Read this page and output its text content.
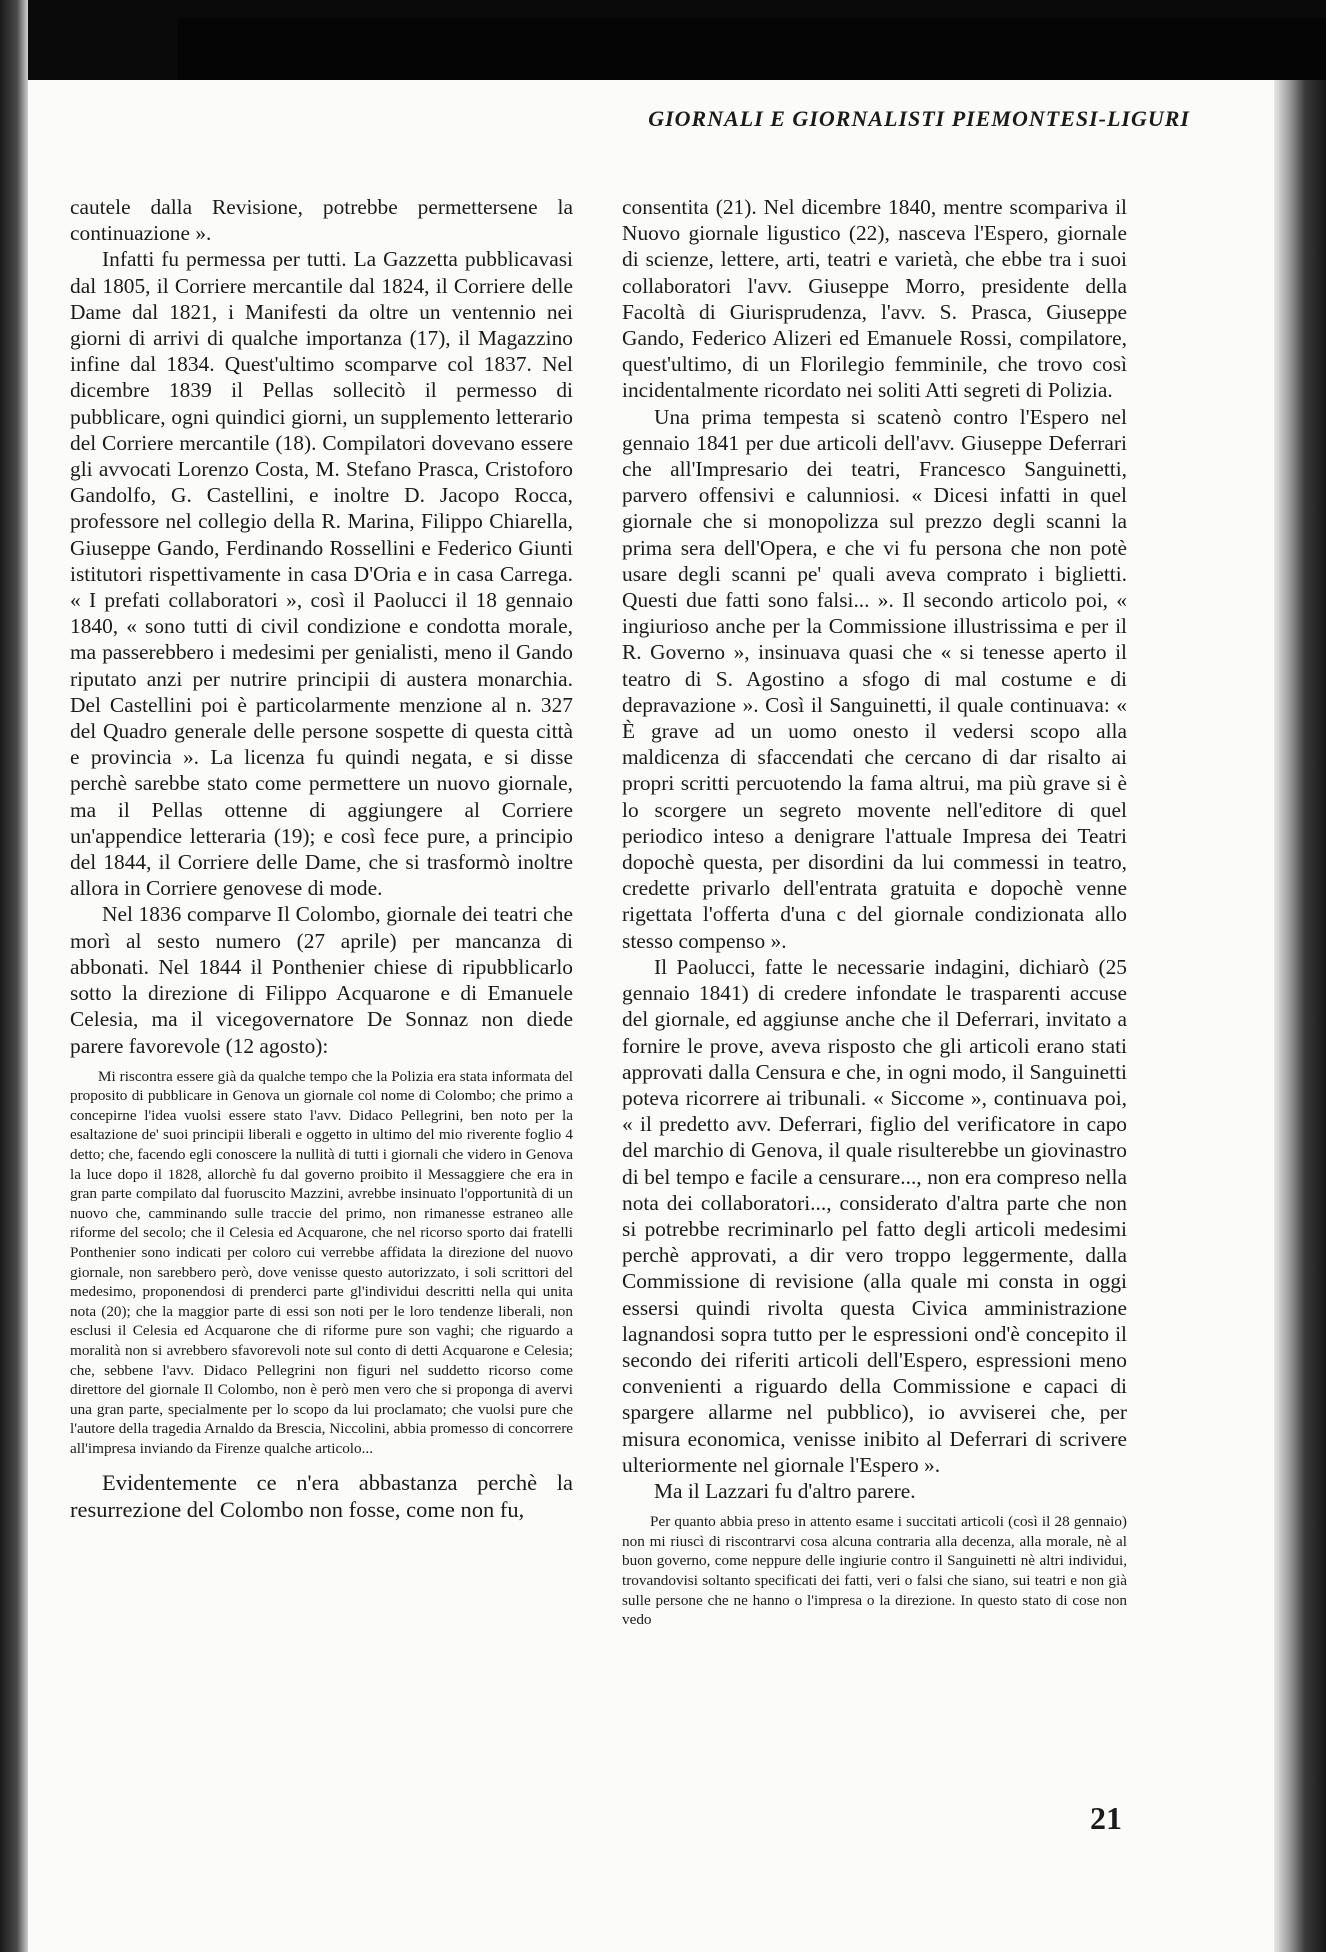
GIORNALI E GIORNALISTI PIEMONTESI-LIGURI

cautele dalla Revisione, potrebbe permettersene la continuazione ».

Infatti fu permessa per tutti. La Gazzetta pubblicavasi dal 1805, il Corriere mercantile dal 1824, il Corriere delle Dame dal 1821, i Manifesti da oltre un ventennio nei giorni di arrivi di qualche importanza (17), il Magazzino infine dal 1834. Quest'ultimo scomparve col 1837. Nel dicembre 1839 il Pellas sollecitò il permesso di pubblicare, ogni quindici giorni, un supplemento letterario del Corriere mercantile (18). Compilatori dovevano essere gli avvocati Lorenzo Costa, M. Stefano Prasca, Cristoforo Gandolfo, G. Castellini, e inoltre D. Jacopo Rocca, professore nel collegio della R. Marina, Filippo Chiarella, Giuseppe Gando, Ferdinando Rossellini e Federico Giunti istitutori rispettivamente in casa D'Oria e in casa Carrega. « I prefati collaboratori », così il Paolucci il 18 gennaio 1840, « sono tutti di civil condizione e condotta morale, ma passerebbero i medesimi per genialisti, meno il Gando riputato anzi per nutrire principii di austera monarchia. Del Castellini poi è particolarmente menzione al n. 327 del Quadro generale delle persone sospette di questa città e provincia ». La licenza fu quindi negata, e si disse perchè sarebbe stato come permettere un nuovo giornale, ma il Pellas ottenne di aggiungere al Corriere un'appendice letteraria (19); e così fece pure, a principio del 1844, il Corriere delle Dame, che si trasformò inoltre allora in Corriere genovese di mode.

Nel 1836 comparve Il Colombo, giornale dei teatri che morì al sesto numero (27 aprile) per mancanza di abbonati. Nel 1844 il Ponthenier chiese di ripubblicarlo sotto la direzione di Filippo Acquarone e di Emanuele Celesia, ma il vicegovernatore De Sonnaz non diede parere favorevole (12 agosto):

Mi riscontra essere già da qualche tempo che la Polizia era stata informata del proposito di pubblicare in Genova un giornale col nome di Colombo; che primo a concepirne l'idea vuolsi essere stato l'avv. Didaco Pellegrini, ben noto per la esaltazione de' suoi principii liberali e oggetto in ultimo del mio riverente foglio 4 detto; che, facendo egli conoscere la nullità di tutti i giornali che videro in Genova la luce dopo il 1828, allorchè fu dal governo proibito il Messaggiere che era in gran parte compilato dal fuoruscito Mazzini, avrebbe insinuato l'opportunità di un nuovo che, camminando sulle traccie del primo, non rimanesse estraneo alle riforme del secolo; che il Celesia ed Acquarone, che nel ricorso sporto dai fratelli Ponthenier sono indicati per coloro cui verrebbe affidata la direzione del nuovo giornale, non sarebbero però, dove venisse questo autorizzato, i soli scrittori del medesimo, proponendosi di prenderci parte gl'individui descritti nella qui unita nota (20); che la maggior parte di essi son noti per le loro tendenze liberali, non esclusi il Celesia ed Acquarone che di riforme pure son vaghi; che riguardo a moralità non si avrebbero sfavorevoli note sul conto di detti Acquarone e Celesia; che, sebbene l'avv. Didaco Pellegrini non figuri nel suddetto ricorso come direttore del giornale Il Colombo, non è però men vero che si proponga di avervi una gran parte, specialmente per lo scopo da lui proclamato; che vuolsi pure che l'autore della tragedia Arnaldo da Brescia, Niccolini, abbia promesso di concorrere all'impresa inviando da Firenze qualche articolo...

Evidentemente ce n'era abbastanza perchè la resurrezione del Colombo non fosse, come non fu,

consentita (21). Nel dicembre 1840, mentre scompariva il Nuovo giornale ligustico (22), nasceva l'Espero, giornale di scienze, lettere, arti, teatri e varietà, che ebbe tra i suoi collaboratori l'avv. Giuseppe Morro, presidente della Facoltà di Giurisprudenza, l'avv. S. Prasca, Giuseppe Gando, Federico Alizeri ed Emanuele Rossi, compilatore, quest'ultimo, di un Florilegio femminile, che trovo così incidentalmente ricordato nei soliti Atti segreti di Polizia.

Una prima tempesta si scatenò contro l'Espero nel gennaio 1841 per due articoli dell'avv. Giuseppe Deferrari che all'Impresario dei teatri, Francesco Sanguinetti, parvero offensivi e calunniosi. « Dicesi infatti in quel giornale che si monopolizza sul prezzo degli scanni la prima sera dell'Opera, e che vi fu persona che non potè usare degli scanni pe' quali aveva comprato i biglietti. Questi due fatti sono falsi... ». Il secondo articolo poi, « ingiurioso anche per la Commissione illustrissima e per il R. Governo », insinuava quasi che « si tenesse aperto il teatro di S. Agostino a sfogo di mal costume e di depravazione ». Così il Sanguinetti, il quale continuava: « È grave ad un uomo onesto il vedersi scopo alla maldicenza di sfaccendati che cercano di dar risalto ai propri scritti percuotendo la fama altrui, ma più grave si è lo scorgere un segreto movente nell'editore di quel periodico inteso a denigrare l'attuale Impresa dei Teatri dopochè questa, per disordini da lui commessi in teatro, credette privarlo dell'entrata gratuita e dopochè venne rigettata l'offerta d'una c del giornale condizionata allo stesso compenso ».

Il Paolucci, fatte le necessarie indagini, dichiarò (25 gennaio 1841) di credere infondate le trasparenti accuse del giornale, ed aggiunse anche che il Deferrari, invitato a fornire le prove, aveva risposto che gli articoli erano stati approvati dalla Censura e che, in ogni modo, il Sanguinetti poteva ricorrere ai tribunali. « Siccome », continuava poi, « il predetto avv. Deferrari, figlio del verificatore in capo del marchio di Genova, il quale risulterebbe un giovinastro di bel tempo e facile a censurare..., non era compreso nella nota dei collaboratori..., considerato d'altra parte che non si potrebbe recriminarlo pel fatto degli articoli medesimi perchè approvati, a dir vero troppo leggermente, dalla Commissione di revisione (alla quale mi consta in oggi essersi quindi rivolta questa Civica amministrazione lagnandosi sopra tutto per le espressioni ond'è concepito il secondo dei riferiti articoli dell'Espero, espressioni meno convenienti a riguardo della Commissione e capaci di spargere allarme nel pubblico), io avviserei che, per misura economica, venisse inibito al Deferrari di scrivere ulteriormente nel giornale l'Espero ».

Ma il Lazzari fu d'altro parere.

Per quanto abbia preso in attento esame i succitati articoli (così il 28 gennaio) non mi riuscì di riscontrarvi cosa alcuna contraria alla decenza, alla morale, nè al buon governo, come neppure delle ingiurie contro il Sanguinetti nè altri individui, trovandovisi soltanto specificati dei fatti, veri o falsi che siano, sui teatri e non già sulle persone che ne hanno o l'impresa o la direzione. In questo stato di cose non vedo

21
